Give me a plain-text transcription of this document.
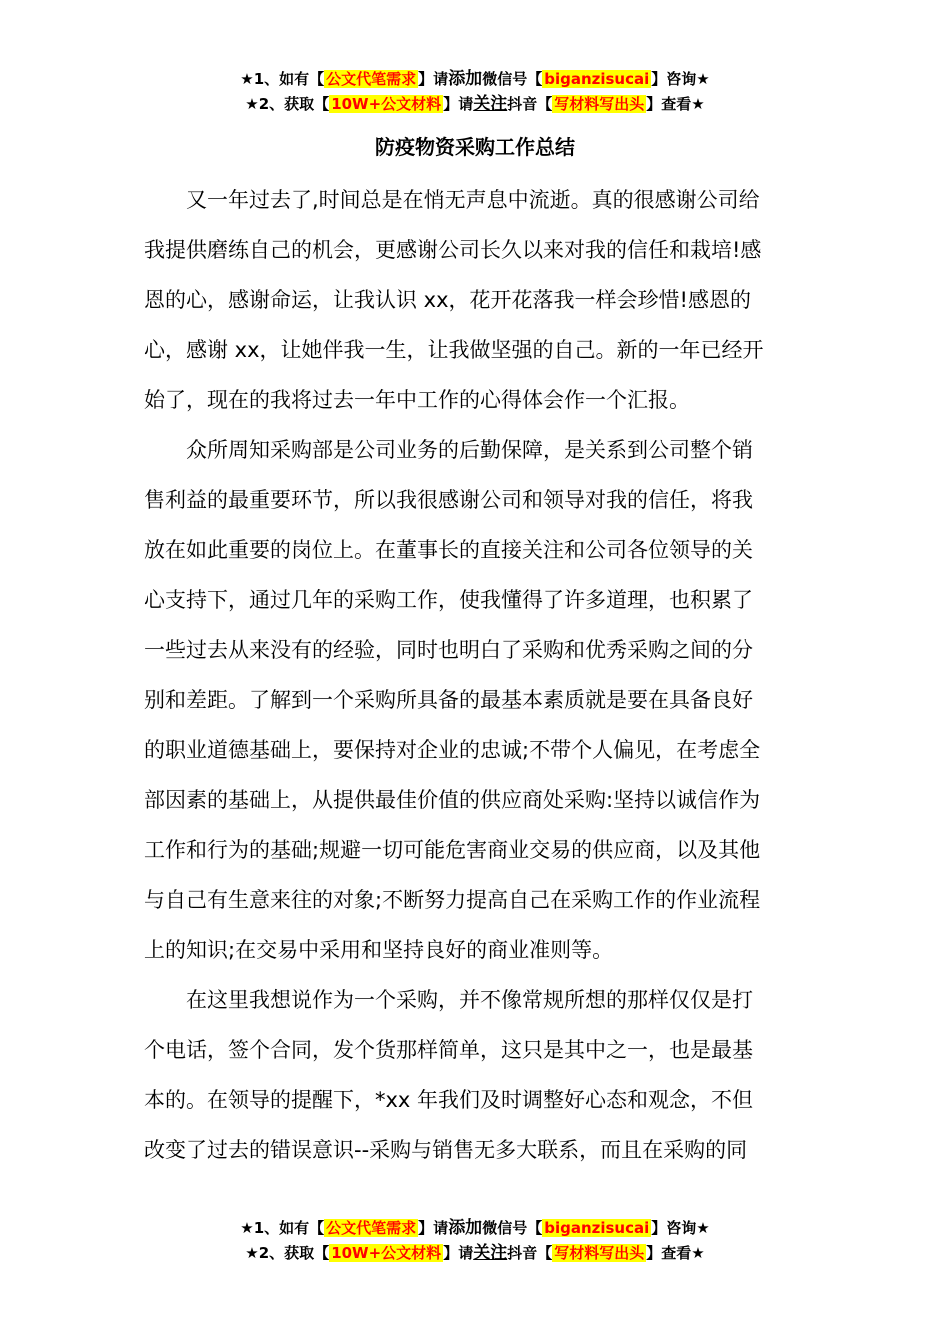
★1、如有【 公文代笔需求 】请添加微信号【 biganzisucai 】咨询★
★2、获取【 10W+公文材料 】请关注抖音【 写材料写出头 】查看★
防疫物资采购工作总结
　　又一年过去了,时间总是在悄无声息中流逝。真的很感谢公司给
我提供磨练自己的机会，更感谢公司长久以来对我的信任和栽培!感
恩的心，感谢命运，让我认识 xx，花开花落我一样会珍惜!感恩的
心，感谢 xx，让她伴我一生，让我做坚强的自己。新的一年已经开
始了，现在的我将过去一年中工作的心得体会作一个汇报。
　　众所周知采购部是公司业务的后勤保障，是关系到公司整个销
售利益的最重要环节，所以我很感谢公司和领导对我的信任，将我
放在如此重要的岗位上。在董事长的直接关注和公司各位领导的关
心支持下，通过几年的采购工作，使我懂得了许多道理，也积累了
一些过去从来没有的经验，同时也明白了采购和优秀采购之间的分
别和差距。了解到一个采购所具备的最基本素质就是要在具备良好
的职业道德基础上，要保持对企业的忠诚;不带个人偏见，在考虑全
部因素的基础上，从提供最佳价值的供应商处采购:坚持以诚信作为
工作和行为的基础;规避一切可能危害商业交易的供应商，以及其他
与自己有生意来往的对象;不断努力提高自己在采购工作的作业流程
上的知识;在交易中采用和坚持良好的商业准则等。
　　在这里我想说作为一个采购，并不像常规所想的那样仅仅是打
个电话，签个合同，发个货那样简单，这只是其中之一，也是最基
本的。在领导的提醒下，*xx 年我们及时调整好心态和观念，不但
改变了过去的错误意识--采购与销售无多大联系，而且在采购的同
★1、如有【 公文代笔需求 】请添加微信号【 biganzisucai 】咨询★
★2、获取【 10W+公文材料 】请关注抖音【 写材料写出头 】查看★
